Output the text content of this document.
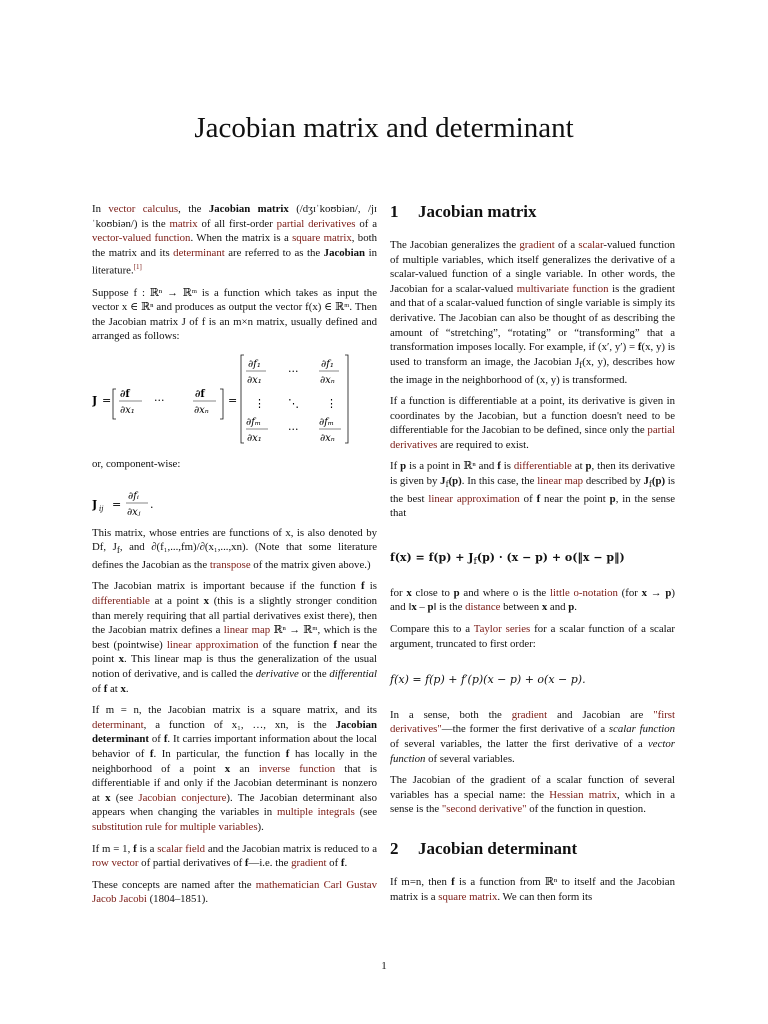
Jacobian matrix and determinant

In vector calculus, the Jacobian matrix (/dʒɪˈkoʊbiən/, /jɪˈkoʊbiən/) is the matrix of all first-order partial derivatives of a vector-valued function. When the matrix is a square matrix, both the matrix and its determinant are referred to as the Jacobian in literature.[1]

Suppose f : ℝⁿ → ℝᵐ is a function which takes as input the vector x ∈ ℝⁿ and produces as output the vector f(x) ∈ ℝᵐ. Then the Jacobian matrix J of f is an m×n matrix, usually defined and arranged as follows:

J = ∂f
∂x₁
···	∂f
∂xₙ
=
∂f₁
∂x₁
···
∂f₁
∂xₙ
⋮ ⋱ ⋮
∂fₘ
∂x₁
···
∂fₘ
∂xₙ

or, component-wise:

J ij =
∂fᵢ
∂xⱼ
.

This matrix, whose entries are functions of x, is also denoted by Df, $J_f$, and ∂(f₁,...,fm)/∂(x₁,...,xn). (Note that some literature defines the Jacobian as the transpose of the matrix given above.)

The Jacobian matrix is important because if the function f is differentiable at a point x (this is a slightly stronger condition than merely requiring that all partial derivatives exist there), then the Jacobian matrix defines a linear map ℝⁿ → ℝᵐ, which is the best (pointwise) linear approximation of the function f near the point x. This linear map is thus the generalization of the usual notion of derivative, and is called the derivative or the differential of f at x.

If m = n, the Jacobian matrix is a square matrix, and its determinant, a function of x₁, …, xn, is the Jacobian determinant of f. It carries important information about the local behavior of f. In particular, the function f has locally in the neighborhood of a point x an inverse function that is differentiable if and only if the Jacobian determinant is nonzero at x (see Jacobian conjecture). The Jacobian determinant also appears when changing the variables in multiple integrals (see substitution rule for multiple variables).

If m = 1, f is a scalar field and the Jacobian matrix is reduced to a row vector of partial derivatives of f—i.e. the gradient of f.

These concepts are named after the mathematician Carl Gustav Jacob Jacobi (1804–1851).

1 Jacobian matrix

The Jacobian generalizes the gradient of a scalar-valued function of multiple variables, which itself generalizes the derivative of a scalar-valued function of a single variable. In other words, the Jacobian for a scalar-valued multivariate function is the gradient and that of a scalar-valued function of single variable is simply its derivative. The Jacobian can also be thought of as describing the amount of “stretching”, “rotating” or “transforming” that a transformation imposes locally. For example, if (x′, y′) = f(x, y) is used to transform an image, the Jacobian $J_f(x$, y), describes how the image in the neighborhood of (x, y) is transformed.

If a function is differentiable at a point, its derivative is given in coordinates by the Jacobian, but a function doesn't need to be differentiable for the Jacobian to be defined, since only the partial derivatives are required to exist.

If p is a point in ℝⁿ and f is differentiable at p, then its derivative is given by $J_f(p)$. In this case, the linear map described by $J_f(p)$ is the best linear approximation of f near the point p, in the sense that

$f(x) = f(p) + J_f(p) \cdot (x - p)$ + o(‖x − p‖)

for x close to p and where o is the little o-notation (for x → p) and ‖x – p‖ is the distance between x and p.

Compare this to a Taylor series for a scalar function of a scalar argument, truncated to first order:

f(x) = f(p) + f′(p)(x − p) + o(x − p).

In a sense, both the gradient and Jacobian are "first derivatives"—the former the first derivative of a scalar function of several variables, the latter the first derivative of a vector function of several variables.

The Jacobian of the gradient of a scalar function of several variables has a special name: the Hessian matrix, which in a sense is the "second derivative" of the function in question.

2 Jacobian determinant

If m=n, then f is a function from ℝⁿ to itself and the Jacobian matrix is a square matrix. We can then form its

1
